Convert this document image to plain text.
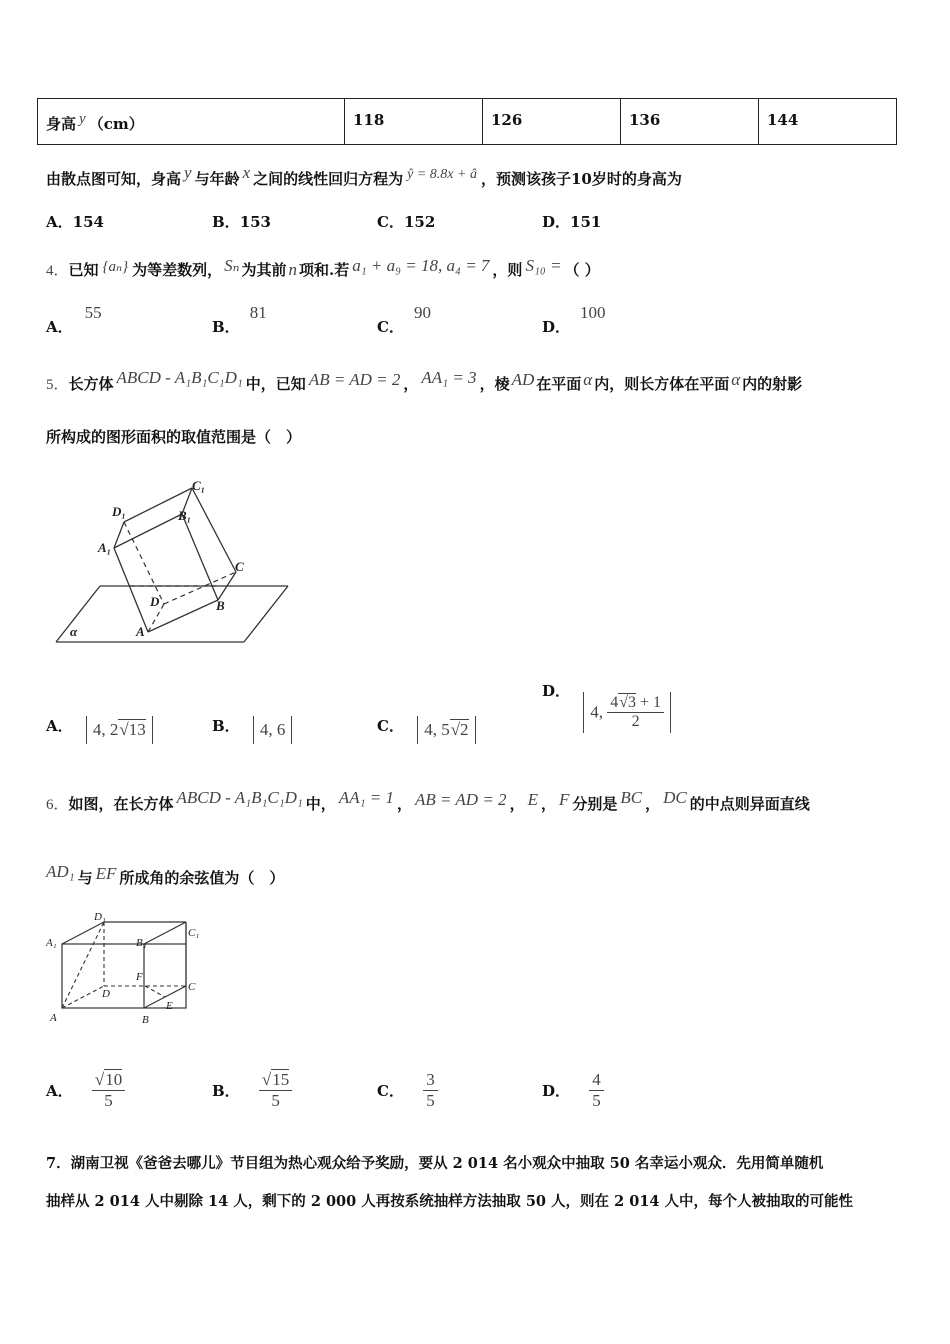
身高 y （cm）	118	126	136	144
由散点图可知，身高 y 与年龄 x 之间的线性回归方程为 ŷ = 8.8x + â ，预测该孩子10岁时的身高为
A．154	B．153	C．152	D．151
4．已知 {aₙ} 为等差数列， Sₙ 为其前 n 项和.若 a₁ + a₉ = 18, a₄ = 7 ，则 S₁₀ = （ ）
A．55
B．81
C．90
D．100
5．长方体 ABCD - A₁B₁C₁D₁ 中，已知 AB = AD = 2 ， AA₁ = 3 ，棱 AD 在平面 α 内，则长方体在平面 α 内的射影
所构成的图形面积的取值范围是（　）
A
B
C
D
A₁
B₁
C₁
D₁
α
A． 4, 2√13	B． 4, 6	C． 4, 5√2
D． 4, $\frac{4√3 + 1}{2}$
6．如图，在长方体 ABCD - A₁B₁C₁D₁ 中， AA₁ = 1 ， AB = AD = 2 ， E ， F 分别是 BC ， DC 的中点则异面直线
AD₁ 与 EF 所成角的余弦值为（　）
A	B
C
D
E
F
A₁	B₁
C₁
D₁
A． $\frac{√10}{5}$	B． $\frac{√15}{5}$	C． $\frac{3}{5}$	D． $\frac{4}{5}$
7．湖南卫视《爸爸去哪儿》节目组为热心观众给予奖励，要从 2 014 名小观众中抽取 50 名幸运小观众．先用简单随机
抽样从 2 014 人中剔除 14 人，剩下的 2 000 人再按系统抽样方法抽取 50 人，则在 2 014 人中，每个人被抽取的可能性
